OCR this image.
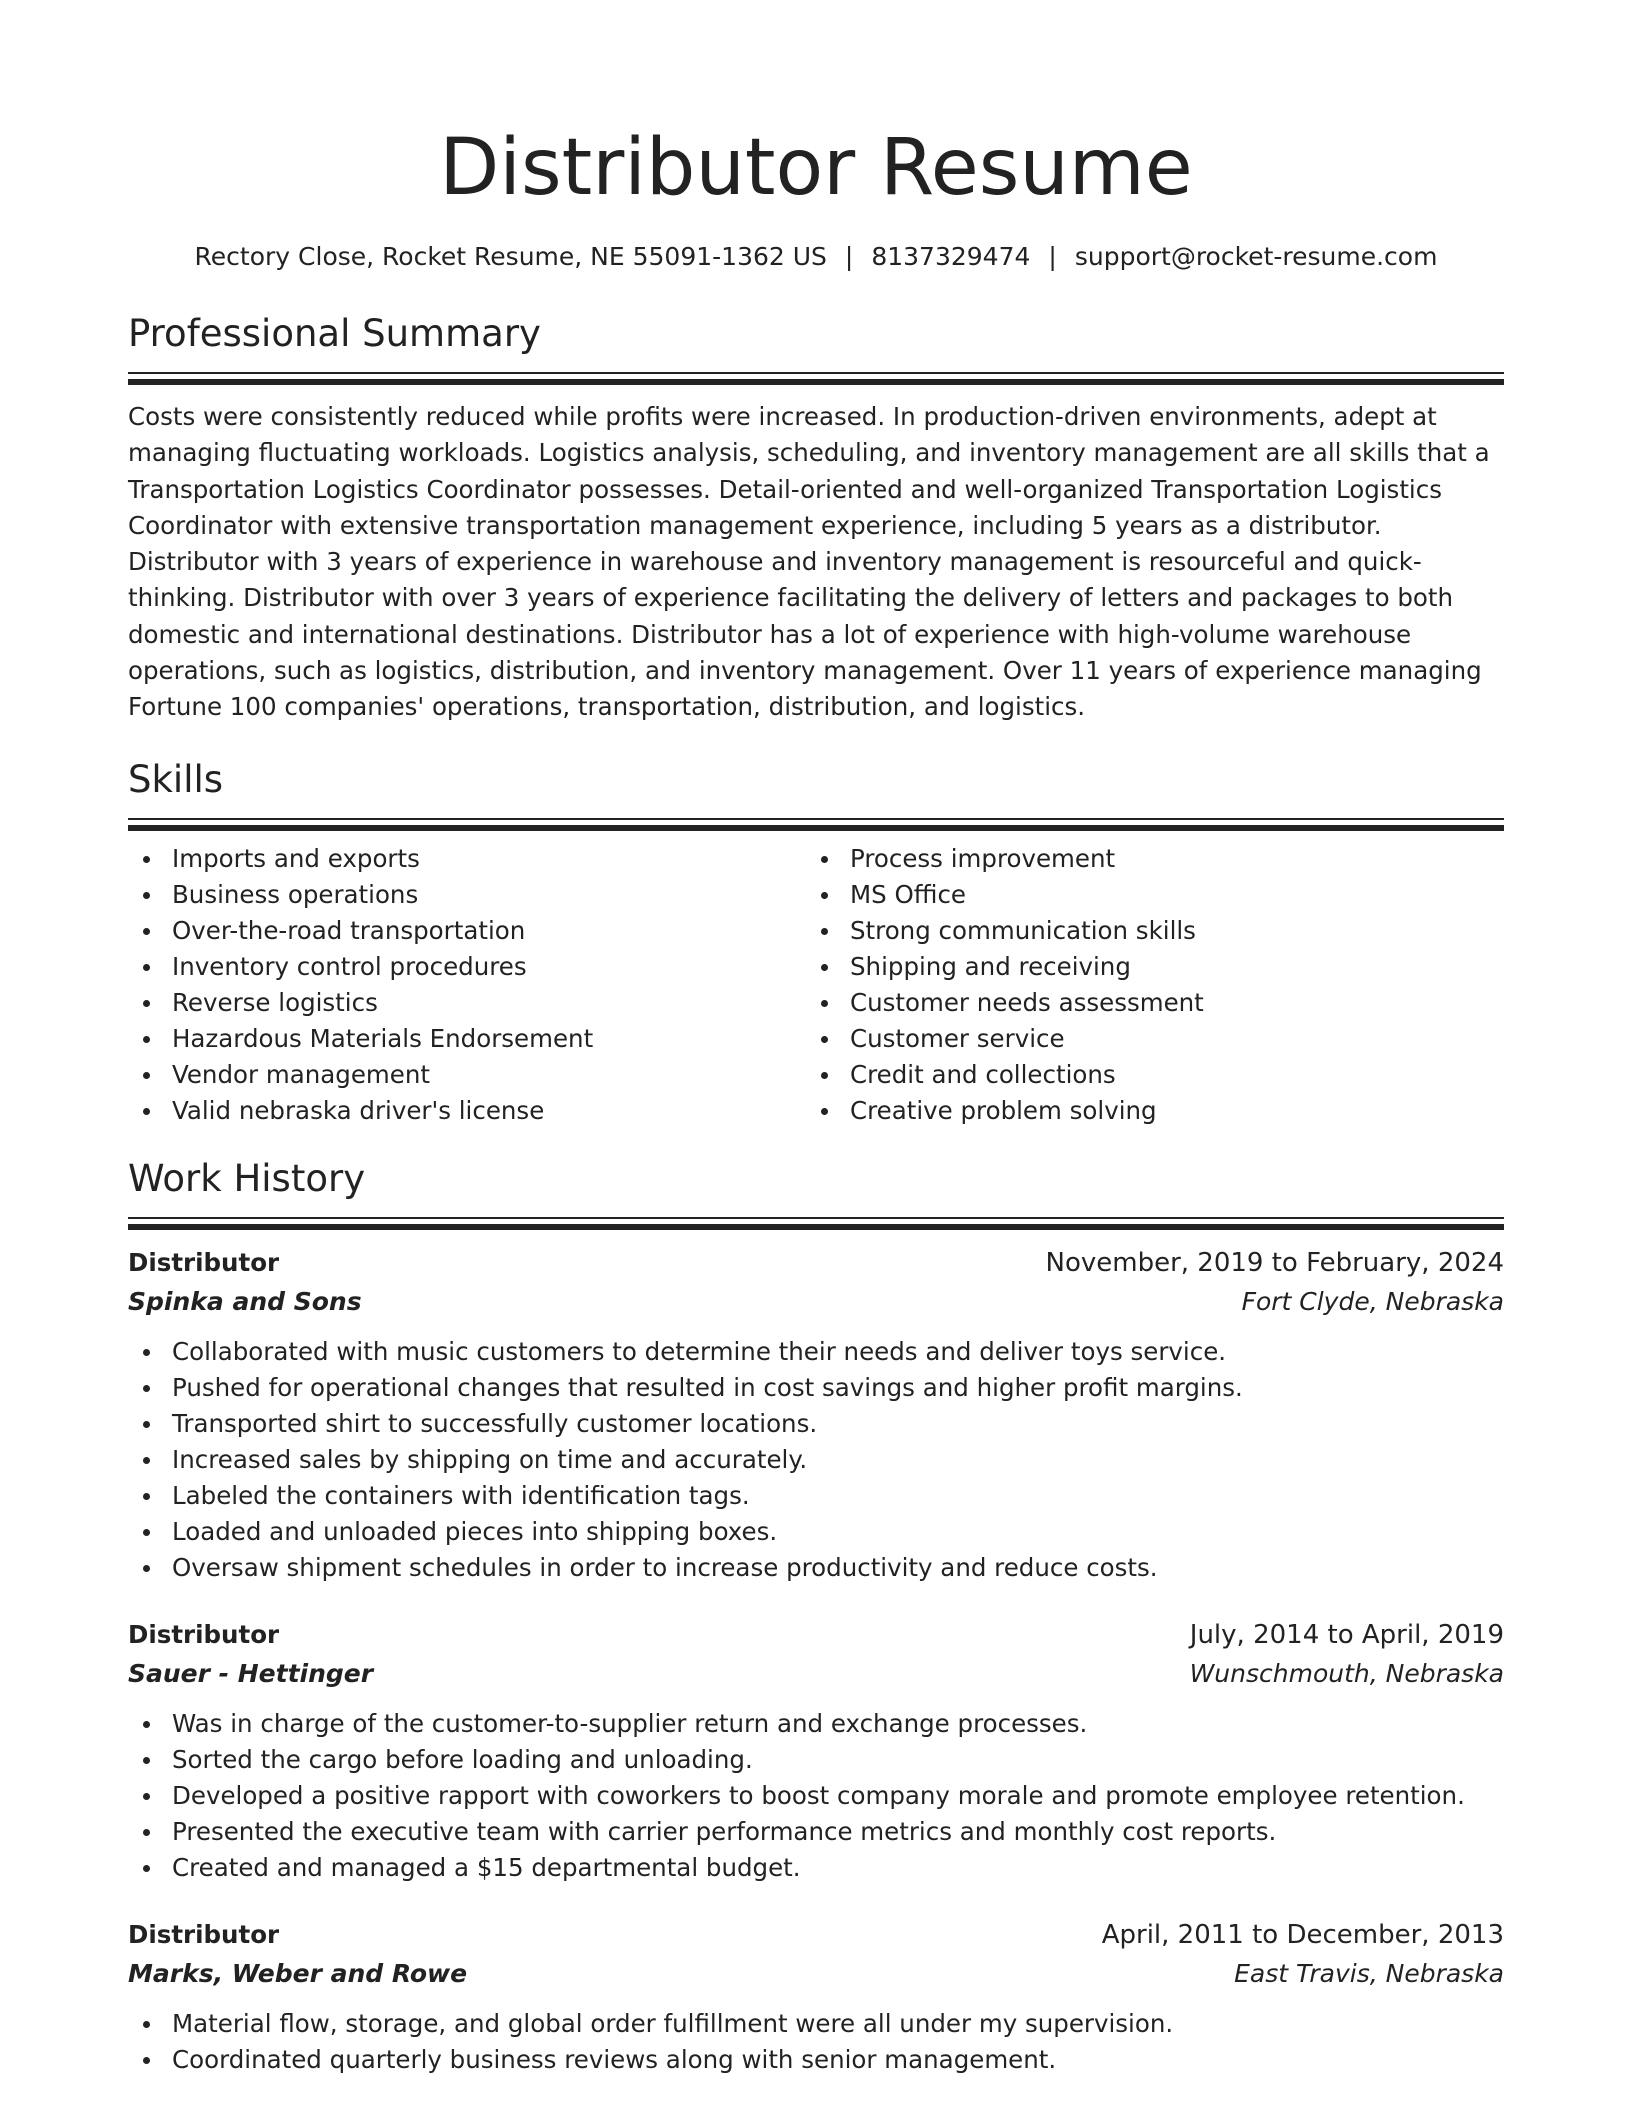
Distributor Resume
Rectory Close, Rocket Resume, NE 55091-1362 US | 8137329474 | support@rocket-resume.com
Professional Summary
Costs were consistently reduced while profits were increased. In production-driven environments, adept at managing fluctuating workloads. Logistics analysis, scheduling, and inventory management are all skills that a Transportation Logistics Coordinator possesses. Detail-oriented and well-organized Transportation Logistics Coordinator with extensive transportation management experience, including 5 years as a distributor. Distributor with 3 years of experience in warehouse and inventory management is resourceful and quick-thinking. Distributor with over 3 years of experience facilitating the delivery of letters and packages to both domestic and international destinations. Distributor has a lot of experience with high-volume warehouse operations, such as logistics, distribution, and inventory management. Over 11 years of experience managing Fortune 100 companies' operations, transportation, distribution, and logistics.
Skills
Imports and exports
Business operations
Over-the-road transportation
Inventory control procedures
Reverse logistics
Hazardous Materials Endorsement
Vendor management
Valid nebraska driver's license
Process improvement
MS Office
Strong communication skills
Shipping and receiving
Customer needs assessment
Customer service
Credit and collections
Creative problem solving
Work History
Distributor	November, 2019 to February, 2024
Spinka and Sons	Fort Clyde, Nebraska
Collaborated with music customers to determine their needs and deliver toys service.
Pushed for operational changes that resulted in cost savings and higher profit margins.
Transported shirt to successfully customer locations.
Increased sales by shipping on time and accurately.
Labeled the containers with identification tags.
Loaded and unloaded pieces into shipping boxes.
Oversaw shipment schedules in order to increase productivity and reduce costs.
Distributor	July, 2014 to April, 2019
Sauer - Hettinger	Wunschmouth, Nebraska
Was in charge of the customer-to-supplier return and exchange processes.
Sorted the cargo before loading and unloading.
Developed a positive rapport with coworkers to boost company morale and promote employee retention.
Presented the executive team with carrier performance metrics and monthly cost reports.
Created and managed a $15 departmental budget.
Distributor	April, 2011 to December, 2013
Marks, Weber and Rowe	East Travis, Nebraska
Material flow, storage, and global order fulfillment were all under my supervision.
Coordinated quarterly business reviews along with senior management.
